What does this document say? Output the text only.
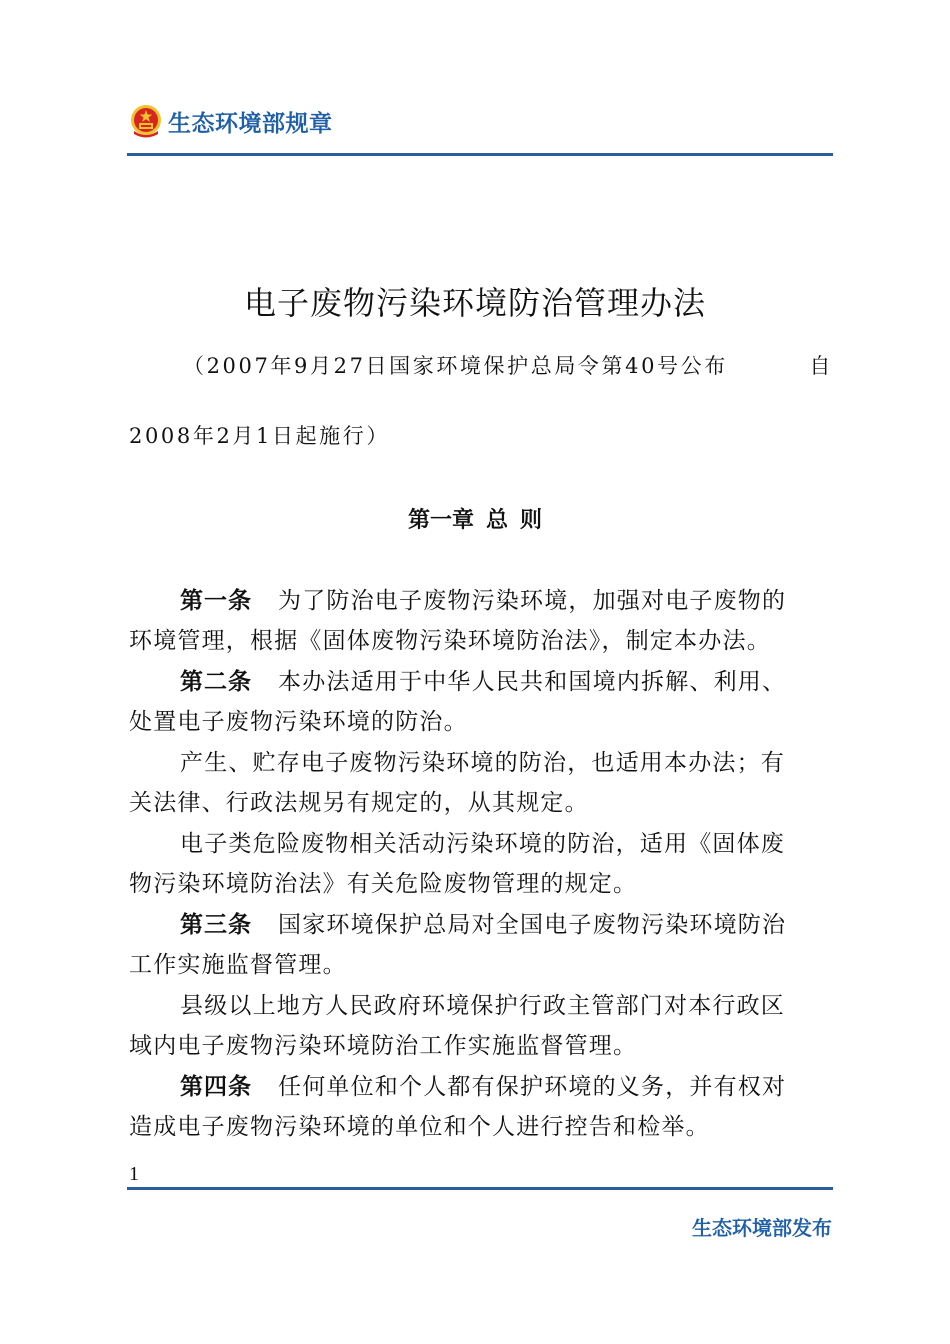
生态环境部规章
电子废物污染环境防治管理办法
（2007年9月27日国家环境保护总局令第40号公布	自
2008年2月1日起施行）
第一章 总 则
第一条 为了防治电子废物污染环境，加强对电子废物的
环境管理，根据《固体废物污染环境防治法》，制定本办法。
第二条 本办法适用于中华人民共和国境内拆解、利用、
处置电子废物污染环境的防治。
产生、贮存电子废物污染环境的防治，也适用本办法；有
关法律、行政法规另有规定的，从其规定。
电子类危险废物相关活动污染环境的防治，适用《固体废
物污染环境防治法》有关危险废物管理的规定。
第三条 国家环境保护总局对全国电子废物污染环境防治
工作实施监督管理。
县级以上地方人民政府环境保护行政主管部门对本行政区
域内电子废物污染环境防治工作实施监督管理。
第四条 任何单位和个人都有保护环境的义务，并有权对
造成电子废物污染环境的单位和个人进行控告和检举。
1
生态环境部发布
